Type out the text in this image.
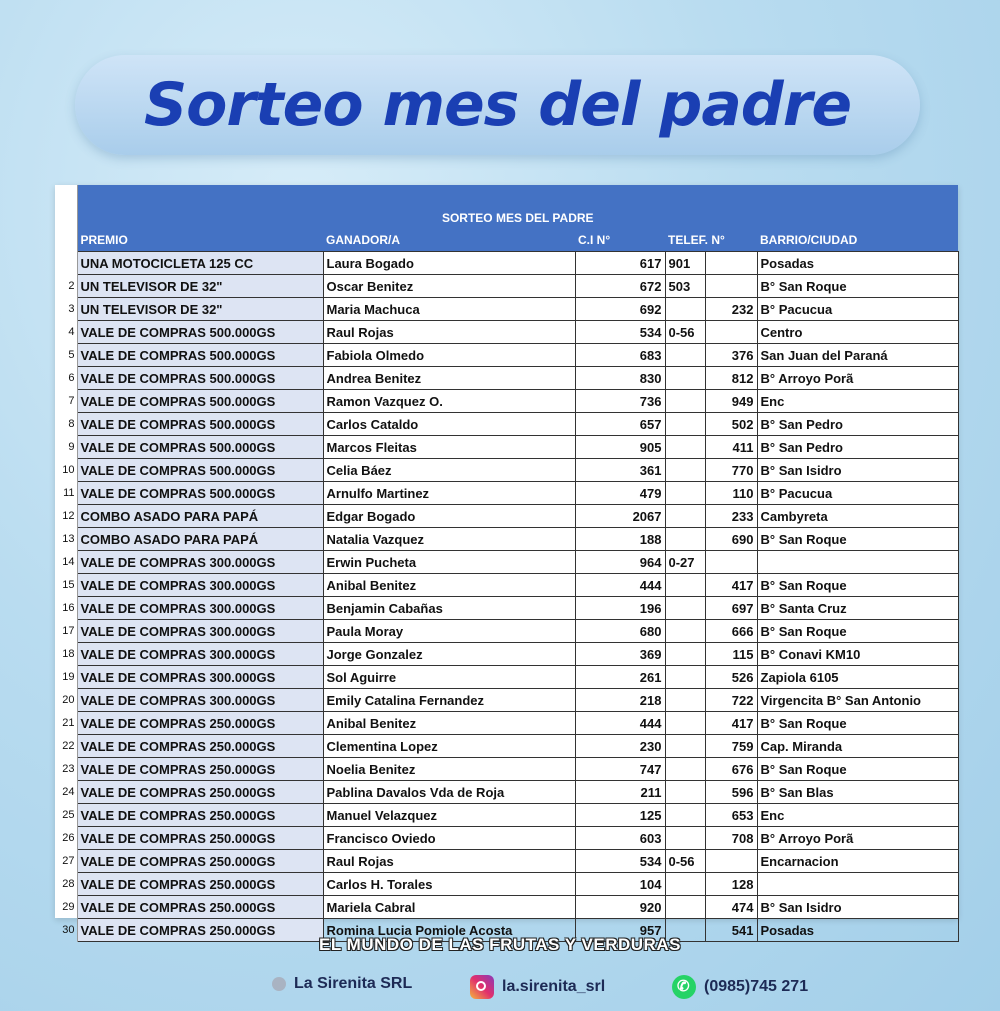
Sorteo mes del padre

	SORTEO MES DEL PADRE					
	PREMIO	GANADOR/A	C.I N°	TELEF. N°		BARRIO/CIUDAD
	UNA MOTOCICLETA 125 CC	Laura Bogado	617	901		Posadas
2	UN TELEVISOR DE 32"	Oscar Benitez	672	503		B° San Roque
3	UN TELEVISOR DE 32"	Maria Machuca	692		232	B° Pacucua
4	VALE DE COMPRAS 500.000GS	Raul Rojas	534	0-56		Centro
5	VALE DE COMPRAS 500.000GS	Fabiola Olmedo	683		376	San Juan del Paraná
6	VALE DE COMPRAS 500.000GS	Andrea Benitez	830		812	B° Arroyo Porã
7	VALE DE COMPRAS 500.000GS	Ramon Vazquez O.	736		949	Enc
8	VALE DE COMPRAS 500.000GS	Carlos Cataldo	657		502	B° San Pedro
9	VALE DE COMPRAS 500.000GS	Marcos Fleitas	905		411	B° San Pedro
10	VALE DE COMPRAS 500.000GS	Celia Báez	361		770	B° San Isidro
11	VALE DE COMPRAS 500.000GS	Arnulfo Martinez	479		110	B° Pacucua
12	COMBO ASADO PARA PAPÁ	Edgar Bogado	2067		233	Cambyreta
13	COMBO ASADO PARA PAPÁ	Natalia Vazquez	188		690	B° San Roque
14	VALE DE COMPRAS 300.000GS	Erwin Pucheta	964	0-27		
15	VALE DE COMPRAS 300.000GS	Anibal Benitez	444		417	B° San Roque
16	VALE DE COMPRAS 300.000GS	Benjamin Cabañas	196		697	B° Santa Cruz
17	VALE DE COMPRAS 300.000GS	Paula Moray	680		666	B° San Roque
18	VALE DE COMPRAS 300.000GS	Jorge Gonzalez	369		115	B° Conavi KM10
19	VALE DE COMPRAS 300.000GS	Sol Aguirre	261		526	Zapiola 6105
20	VALE DE COMPRAS 300.000GS	Emily Catalina Fernandez	218		722	Virgencita B° San Antonio
21	VALE DE COMPRAS 250.000GS	Anibal Benitez	444		417	B° San Roque
22	VALE DE COMPRAS 250.000GS	Clementina Lopez	230		759	Cap. Miranda
23	VALE DE COMPRAS 250.000GS	Noelia Benitez	747		676	B° San Roque
24	VALE DE COMPRAS 250.000GS	Pablina Davalos Vda de Roja	211		596	B° San Blas
25	VALE DE COMPRAS 250.000GS	Manuel Velazquez	125		653	Enc
26	VALE DE COMPRAS 250.000GS	Francisco Oviedo	603		708	B° Arroyo Porã
27	VALE DE COMPRAS 250.000GS	Raul Rojas	534	0-56		Encarnacion
28	VALE DE COMPRAS 250.000GS	Carlos H. Torales	104		128	
29	VALE DE COMPRAS 250.000GS	Mariela Cabral	920		474	B° San Isidro
30	VALE DE COMPRAS 250.000GS	Romina Lucia Pomiole Acosta	957		541	Posadas
EL MUNDO DE LAS FRUTAS Y VERDURAS
La Sirenita SRL	la.sirenita_srl ✆	(0985)745 271
